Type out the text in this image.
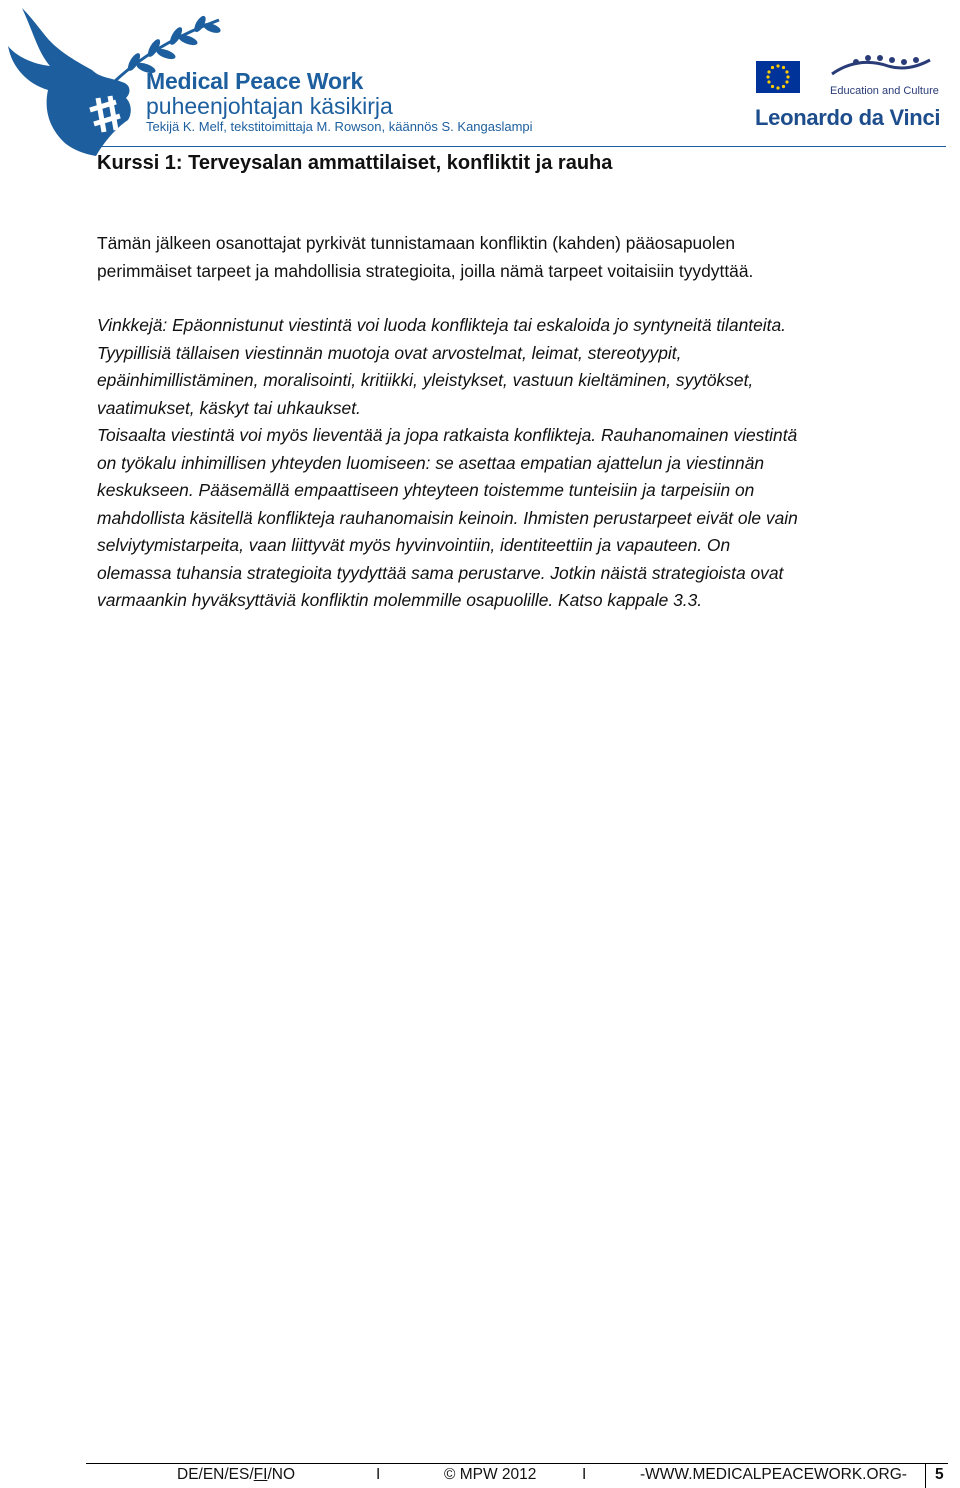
Medical Peace Work
puheenjohtajan käsikirja
Tekijä K. Melf, tekstitoimittaja M. Rowson, käännös S. Kangaslampi
Education and Culture
Leonardo da Vinci
Kurssi 1: Terveysalan ammattilaiset, konfliktit ja rauha
Tämän jälkeen osanottajat pyrkivät tunnistamaan konfliktin (kahden) pääosapuolen
perimmäiset tarpeet ja mahdollisia strategioita, joilla nämä tarpeet voitaisiin tyydyttää.
Vinkkejä: Epäonnistunut viestintä voi luoda konflikteja tai eskaloida jo syntyneitä tilanteita.
Tyypillisiä tällaisen viestinnän muotoja ovat arvostelmat, leimat, stereotyypit,
epäinhimillistäminen, moralisointi, kritiikki, yleistykset, vastuun kieltäminen, syytökset,
vaatimukset, käskyt tai uhkaukset.
Toisaalta viestintä voi myös lieventää ja jopa ratkaista konflikteja. Rauhanomainen viestintä
on työkalu inhimillisen yhteyden luomiseen: se asettaa empatian ajattelun ja viestinnän
keskukseen. Pääsemällä empaattiseen yhteyteen toistemme tunteisiin ja tarpeisiin on
mahdollista käsitellä konflikteja rauhanomaisin keinoin. Ihmisten perustarpeet eivät ole vain
selviytymistarpeita, vaan liittyvät myös hyvinvointiin, identiteettiin ja vapauteen. On
olemassa tuhansia strategioita tyydyttää sama perustarve. Jotkin näistä strategioista ovat
varmaankin hyväksyttäviä konfliktin molemmille osapuolille. Katso kappale 3.3.
DE/EN/ES/FI/NO	I	© MPW 2012	I	-WWW.MEDICALPEACEWORK.ORG- 5
